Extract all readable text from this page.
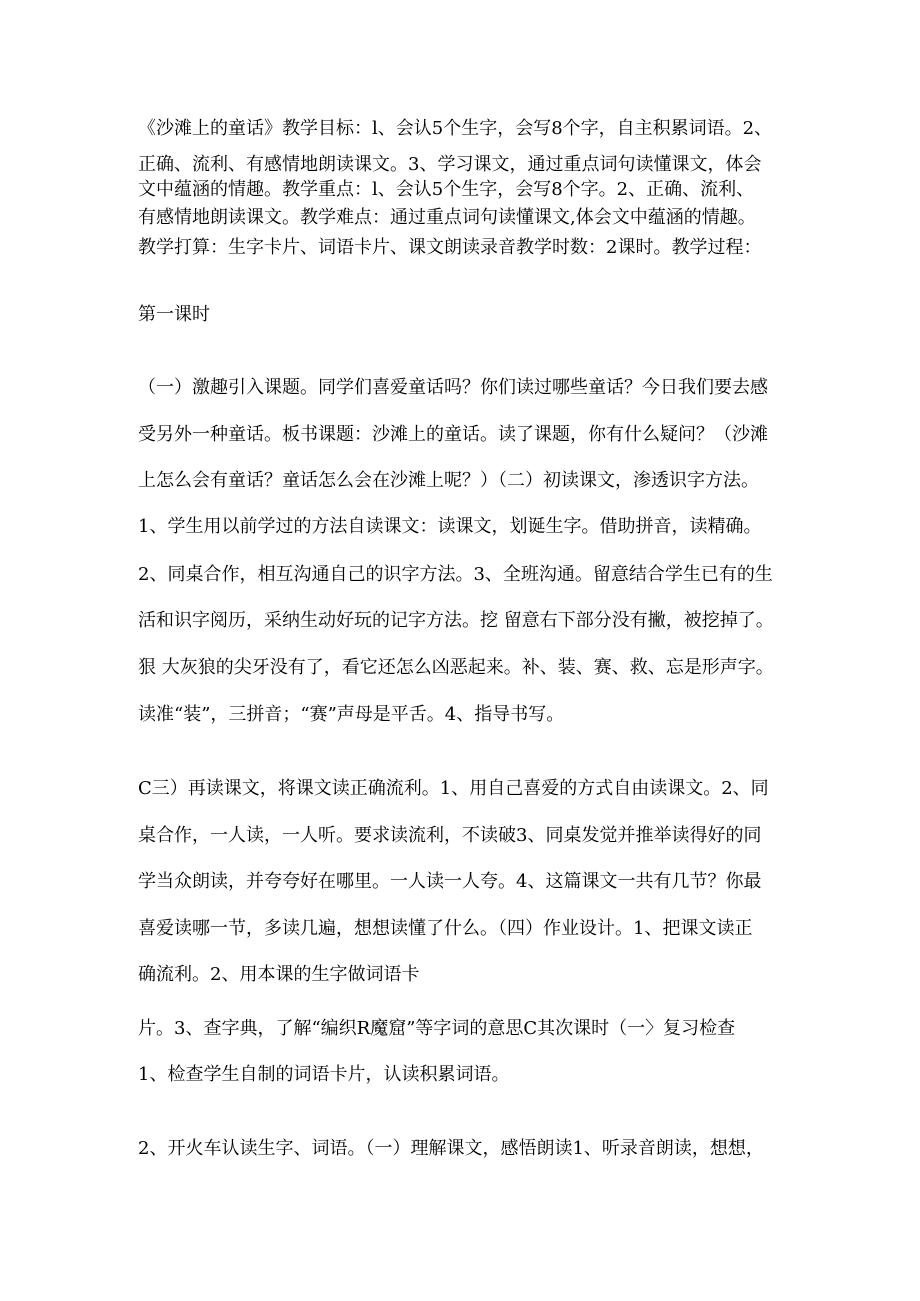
《沙滩上的童话》教学目标：l、会认5个生字，会写8个字，自主积累词语。2、
正确、流利、有感情地朗读课文。3、学习课文，通过重点词句读懂课文，体会
文中蕴涵的情趣。教学重点：l、会认5个生字，会写8个字。2、正确、流利、
有感情地朗读课文。教学难点：通过重点词句读懂课文,体会文中蕴涵的情趣。
教学打算：生字卡片、词语卡片、课文朗读录音教学时数：2课时。教学过程：
第一课时
（一）激趣引入课题。同学们喜爱童话吗？你们读过哪些童话？今日我们要去感
受另外一种童话。板书课题：沙滩上的童话。读了课题，你有什么疑问？（沙滩
上怎么会有童话？童话怎么会在沙滩上呢？）（二）初读课文，渗透识字方法。
1、学生用以前学过的方法自读课文：读课文，划诞生字。借助拼音，读精确。
2、同桌合作，相互沟通自己的识字方法。3、全班沟通。留意结合学生已有的生
活和识字阅历，采纳生动好玩的记字方法。挖 留意右下部分没有撇，被挖掉了。
狠 大灰狼的尖牙没有了，看它还怎么凶恶起来。补、装、赛、救、忘是形声字。
读准“装”，三拼音；“赛”声母是平舌。4、指导书写。
C三）再读课文，将课文读正确流利。1、用自己喜爱的方式自由读课文。2、同
桌合作，一人读，一人听。要求读流利，不读破3、同桌发觉并推举读得好的同
学当众朗读，并夸夸好在哪里。一人读一人夸。4、这篇课文一共有几节？你最
喜爱读哪一节，多读几遍，想想读懂了什么。（四）作业设计。1、把课文读正
确流利。2、用本课的生字做词语卡
片。3、查字典，了解“编织R魔窟”等字词的意思C其次课时（一〉复习检查
1、检查学生自制的词语卡片，认读积累词语。
2、开火车认读生字、词语。（一）理解课文，感悟朗读1、听录音朗读，想想，
